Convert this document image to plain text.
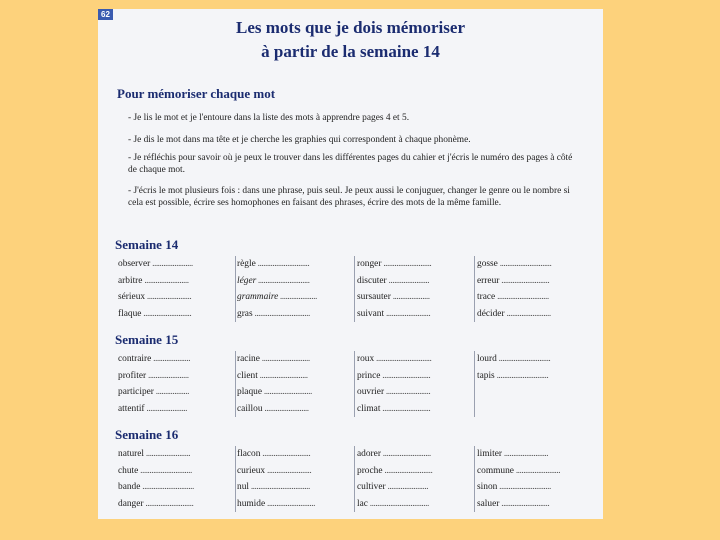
62
Les mots que je dois mémoriser
à partir de la semaine 14
Pour mémoriser chaque mot
- Je lis le mot et je l'entoure dans la liste des mots à apprendre pages 4 et 5.
- Je dis le mot dans ma tête et je cherche les graphies qui correspondent à chaque phonème.
- Je réfléchis pour savoir où je peux le trouver dans les différentes pages du cahier et j'écris le numéro des pages à côté de chaque mot.
- J'écris le mot plusieurs fois : dans une phrase, puis seul. Je peux aussi le conjuguer, changer le genre ou le nombre si cela est possible, écrire ses homophones en faisant des phrases, écrire des mots de la même famille.
Semaine 14
Semaine 15
Semaine 16
observer ......................
arbitre ........................
sérieux ........................
flaque ..........................
règle ............................
léger ............................
grammaire ....................
gras ..............................
ronger ..........................
discuter ......................
sursauter ....................
suivant ........................
gosse ............................
erreur ..........................
trace ............................
décider ........................
contraire ....................
profiter ......................
participer ..................
attentif ......................
racine ..........................
client ..........................
plaque ..........................
caillou ........................
roux ..............................
prince ..........................
ouvrier ........................
climat ..........................
lourd ............................
tapis ............................
naturel ........................
chute ............................
bande ............................
danger ..........................
flacon ..........................
curieux ........................
nul ................................
humide ..........................
adorer ..........................
proche ..........................
cultiver ......................
lac ................................
limiter ........................
commune ........................
sinon ............................
saluer ..........................
